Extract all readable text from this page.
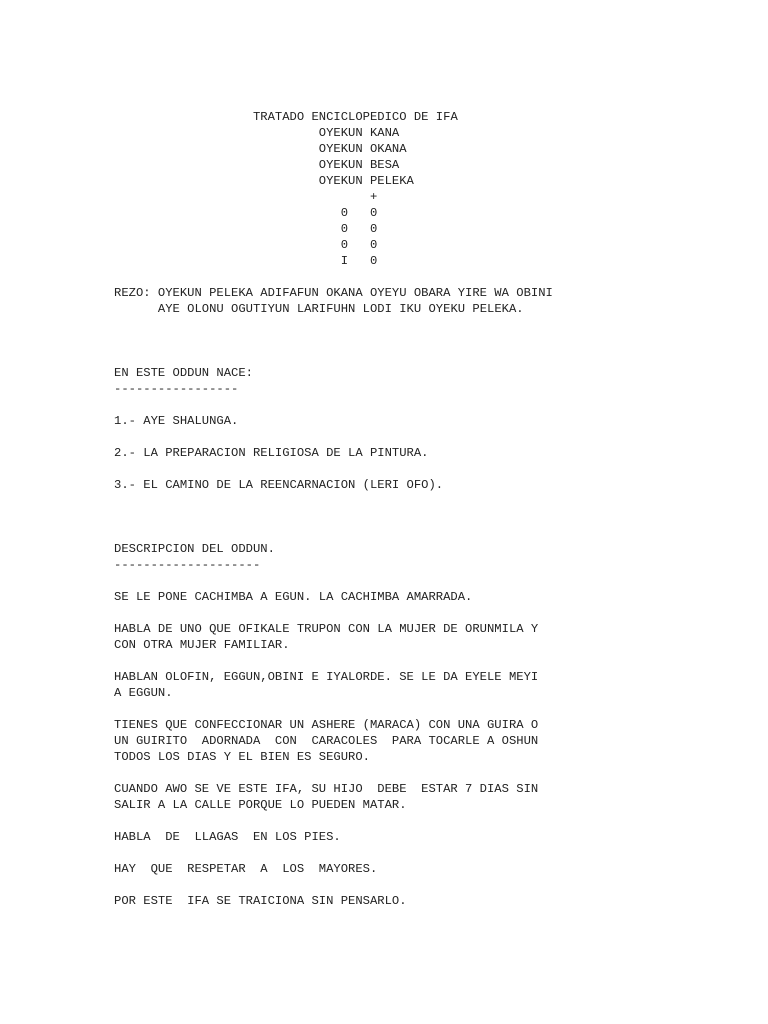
TRATADO ENCICLOPEDICO DE IFA
OYEKUN KANA
OYEKUN OKANA
OYEKUN BESA
OYEKUN PELEKA
+
0   0
0   0
0   0
I   0
REZO: OYEKUN PELEKA ADIFAFUN OKANA OYEYU OBARA YIRE WA OBINI
AYE OLONU OGUTIYUN LARIFUHN LODI IKU OYEKU PELEKA.
EN ESTE ODDUN NACE:
-----------------
1.- AYE SHALUNGA.
2.- LA PREPARACION RELIGIOSA DE LA PINTURA.
3.- EL CAMINO DE LA REENCARNACION (LERI OFO).
DESCRIPCION DEL ODDUN.
--------------------
SE LE PONE CACHIMBA A EGUN. LA CACHIMBA AMARRADA.
HABLA DE UNO QUE OFIKALE TRUPON CON LA MUJER DE ORUNMILA Y
CON OTRA MUJER FAMILIAR.
HABLAN OLOFIN, EGGUN,OBINI E IYALORDE. SE LE DA EYELE MEYI
A EGGUN.
TIENES QUE CONFECCIONAR UN ASHERE (MARACA) CON UNA GUIRA O
UN GUIRITO  ADORNADA  CON  CARACOLES  PARA TOCARLE A OSHUN
TODOS LOS DIAS Y EL BIEN ES SEGURO.
CUANDO AWO SE VE ESTE IFA, SU HIJO  DEBE  ESTAR 7 DIAS SIN
SALIR A LA CALLE PORQUE LO PUEDEN MATAR.
HABLA  DE  LLAGAS  EN LOS PIES.
HAY  QUE  RESPETAR  A  LOS  MAYORES.
POR ESTE  IFA SE TRAICIONA SIN PENSARLO.
